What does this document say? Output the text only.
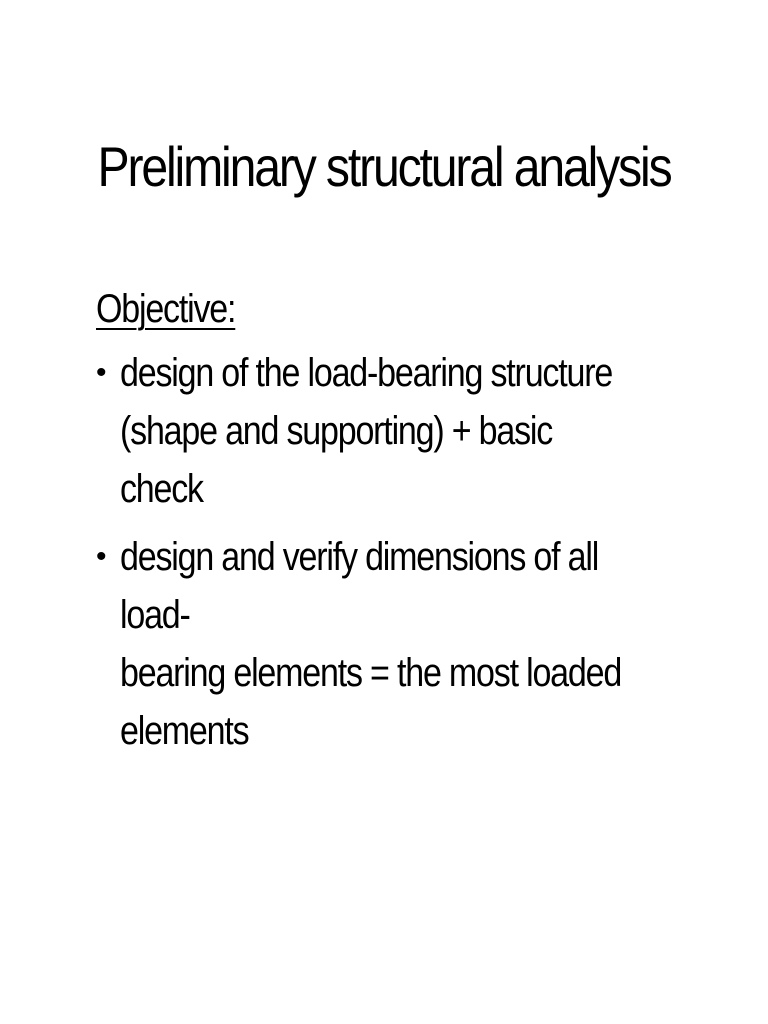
Preliminary structural analysis
Objective:
• design of the load-bearing structure
(shape and supporting) + basic check
• design and verify dimensions of all load-
bearing elements = the most loaded
elements
